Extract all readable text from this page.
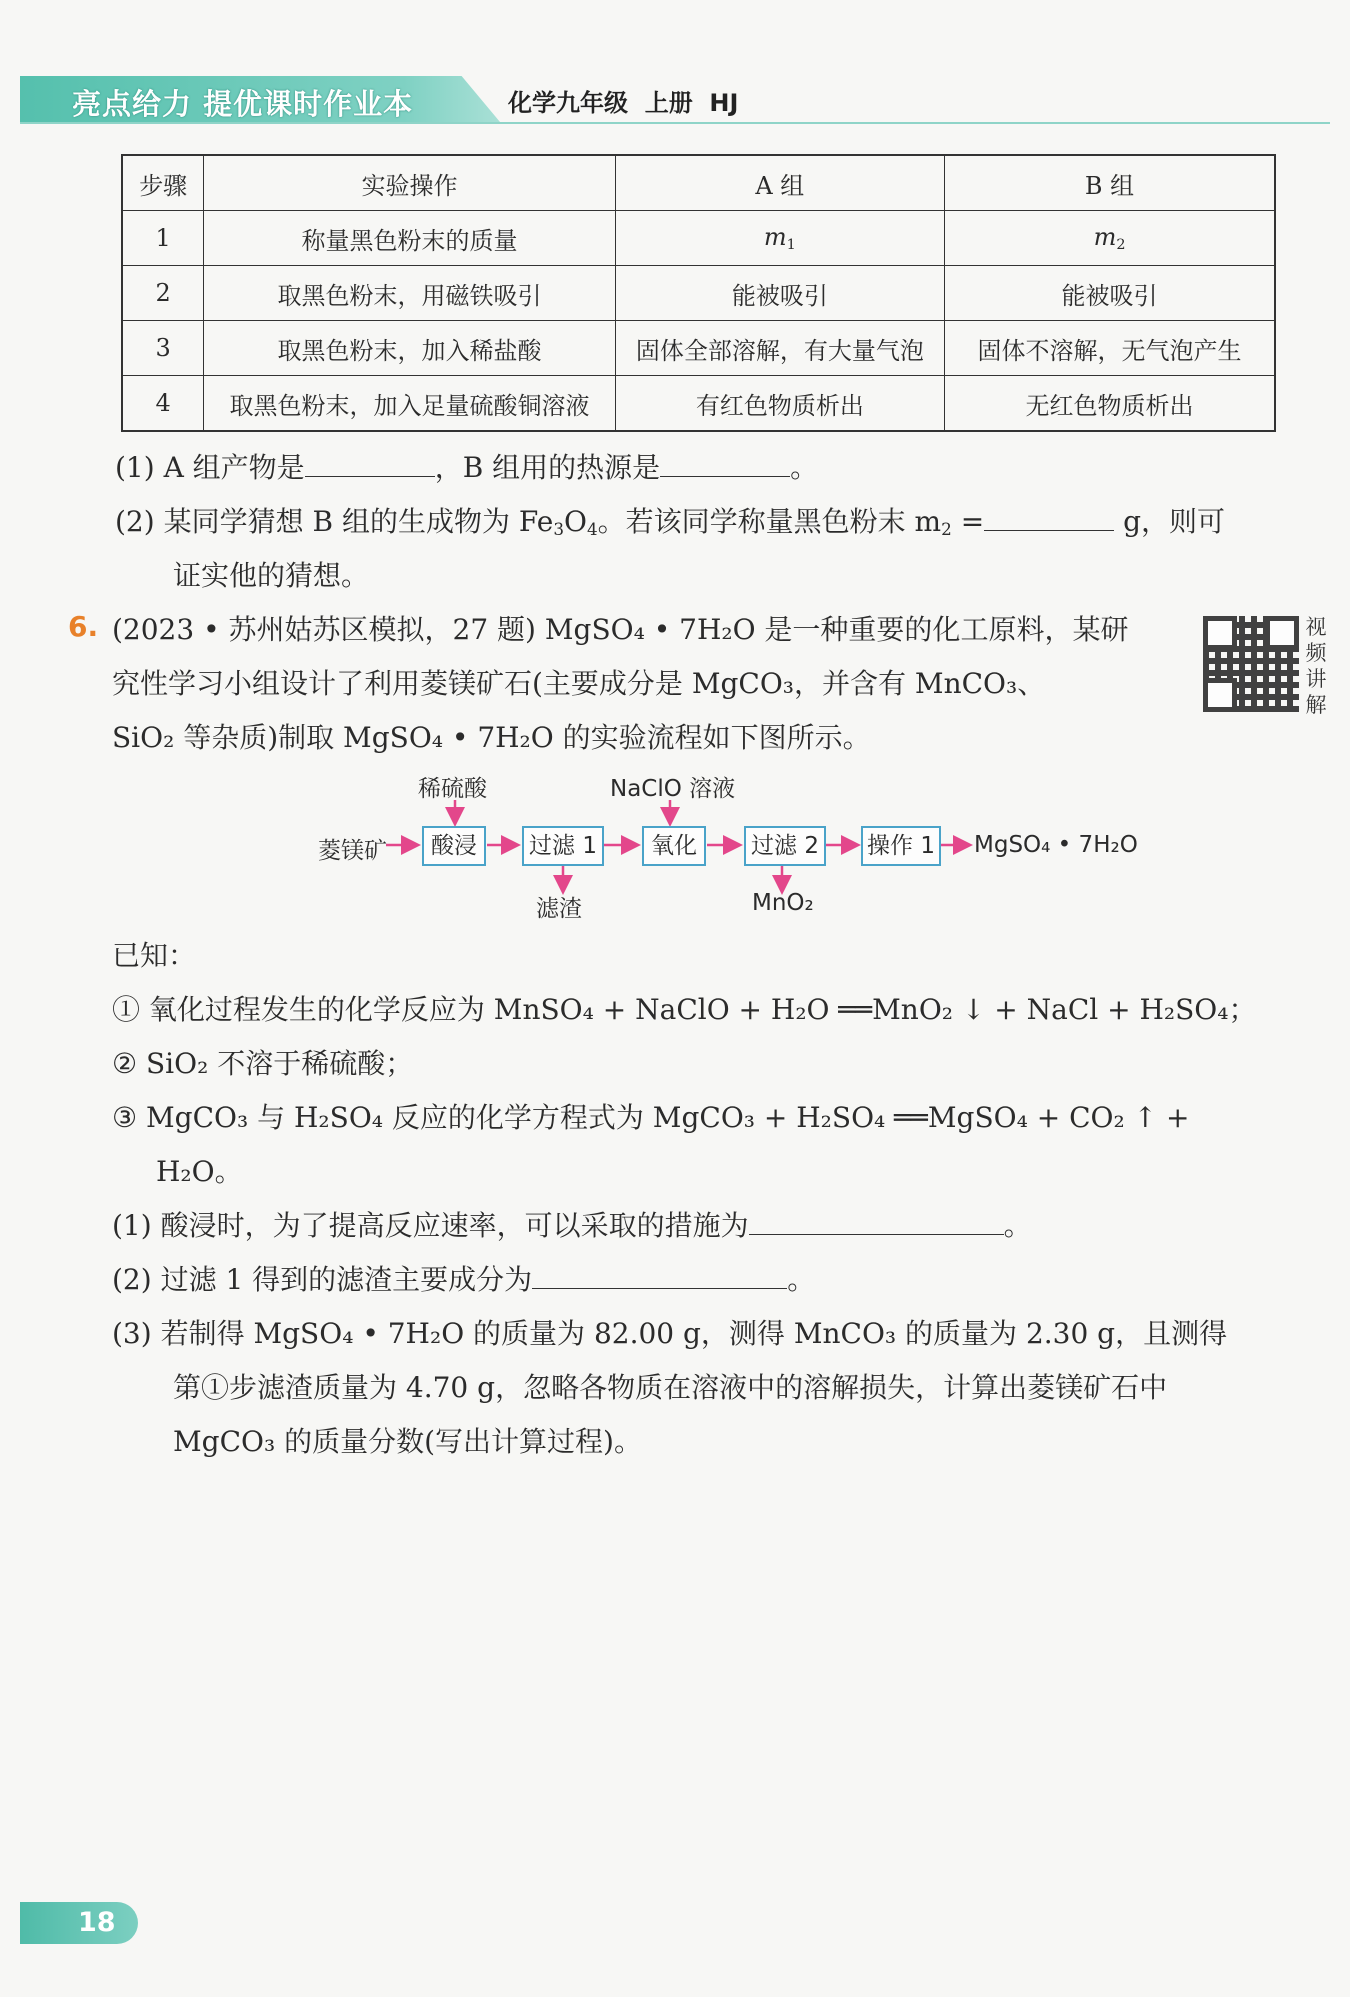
亮点给力 提优课时作业本	化学九年级  上册  HJ
步骤	实验操作	A 组	B 组
1	称量黑色粉末的质量	$m_1$	$m_2$
2	取黑色粉末，用磁铁吸引	能被吸引	能被吸引
3	取黑色粉末，加入稀盐酸	固体全部溶解，有大量气泡	固体不溶解，无气泡产生
4	取黑色粉末，加入足量硫酸铜溶液	有红色物质析出	无红色物质析出
(1) A 组产物是	，B 组用的热源是	。
(2) 某同学猜想 B 组的生成物为 $Fe_3O_4$。若该同学称量黑色粉末 $m_2$ =	g，则可
证实他的猜想。
6. (2023 • 苏州姑苏区模拟，27 题) MgSO₄ • 7H₂O 是一种重要的化工原料，某研
究性学习小组设计了利用菱镁矿石(主要成分是 MgCO₃，并含有 MnCO₃、
SiO₂ 等杂质)制取 MgSO₄ • 7H₂O 的实验流程如下图所示。
视
频
讲
解
菱镁矿	酸浸	过滤 1	氧化	过滤 2	操作 1 MgSO₄ • 7H₂O
稀硫酸	NaClO 溶液
滤渣	MnO₂
已知：
① 氧化过程发生的化学反应为 MnSO₄ + NaClO + H₂O ══MnO₂ ↓ + NaCl + H₂SO₄；
② SiO₂ 不溶于稀硫酸；
③ MgCO₃ 与 H₂SO₄ 反应的化学方程式为 MgCO₃ + H₂SO₄ ══MgSO₄ + CO₂ ↑ +
H₂O。
(1) 酸浸时，为了提高反应速率，可以采取的措施为	。
(2) 过滤 1 得到的滤渣主要成分为	。
(3) 若制得 MgSO₄ • 7H₂O 的质量为 82.00 g，测得 MnCO₃ 的质量为 2.30 g，且测得
第①步滤渣质量为 4.70 g，忽略各物质在溶液中的溶解损失，计算出菱镁矿石中
MgCO₃ 的质量分数(写出计算过程)。
18
